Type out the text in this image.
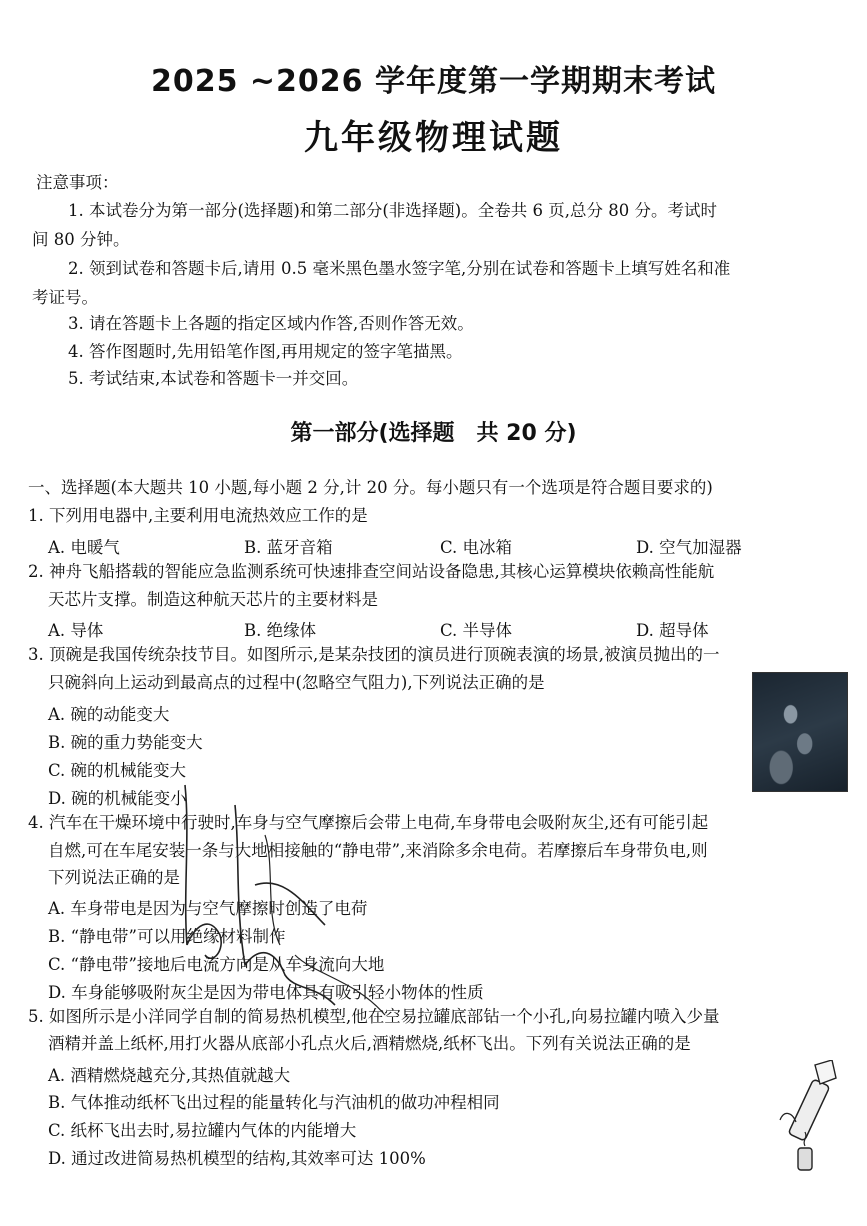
2025 ~2026 学年度第一学期期末考试
九年级物理试题
注意事项：
1. 本试卷分为第一部分(选择题)和第二部分(非选择题)。全卷共 6 页,总分 80 分。考试时
间 80 分钟。
2. 领到试卷和答题卡后,请用 0.5 毫米黑色墨水签字笔,分别在试卷和答题卡上填写姓名和准
考证号。
3. 请在答题卡上各题的指定区域内作答,否则作答无效。
4. 答作图题时,先用铅笔作图,再用规定的签字笔描黑。
5. 考试结束,本试卷和答题卡一并交回。
第一部分(选择题　共 20 分)
一、选择题(本大题共 10 小题,每小题 2 分,计 20 分。每小题只有一个选项是符合题目要求的)
1. 下列用电器中,主要利用电流热效应工作的是
A. 电暖气	B. 蓝牙音箱	C. 电冰箱	D. 空气加湿器
2. 神舟飞船搭载的智能应急监测系统可快速排查空间站设备隐患,其核心运算模块依赖高性能航
天芯片支撑。制造这种航天芯片的主要材料是
A. 导体	B. 绝缘体	C. 半导体	D. 超导体
3. 顶碗是我国传统杂技节目。如图所示,是某杂技团的演员进行顶碗表演的场景,被演员抛出的一
只碗斜向上运动到最高点的过程中(忽略空气阻力),下列说法正确的是
A. 碗的动能变大
B. 碗的重力势能变大
C. 碗的机械能变大
D. 碗的机械能变小
4. 汽车在干燥环境中行驶时,车身与空气摩擦后会带上电荷,车身带电会吸附灰尘,还有可能引起
自燃,可在车尾安装一条与大地相接触的“静电带”,来消除多余电荷。若摩擦后车身带负电,则
下列说法正确的是
A. 车身带电是因为与空气摩擦时创造了电荷
B. “静电带”可以用绝缘材料制作
C. “静电带”接地后电流方向是从车身流向大地
D. 车身能够吸附灰尘是因为带电体具有吸引轻小物体的性质
5. 如图所示是小洋同学自制的简易热机模型,他在空易拉罐底部钻一个小孔,向易拉罐内喷入少量
酒精并盖上纸杯,用打火器从底部小孔点火后,酒精燃烧,纸杯飞出。下列有关说法正确的是
A. 酒精燃烧越充分,其热值就越大
B. 气体推动纸杯飞出过程的能量转化与汽油机的做功冲程相同
C. 纸杯飞出去时,易拉罐内气体的内能增大
D. 通过改进简易热机模型的结构,其效率可达 100%
